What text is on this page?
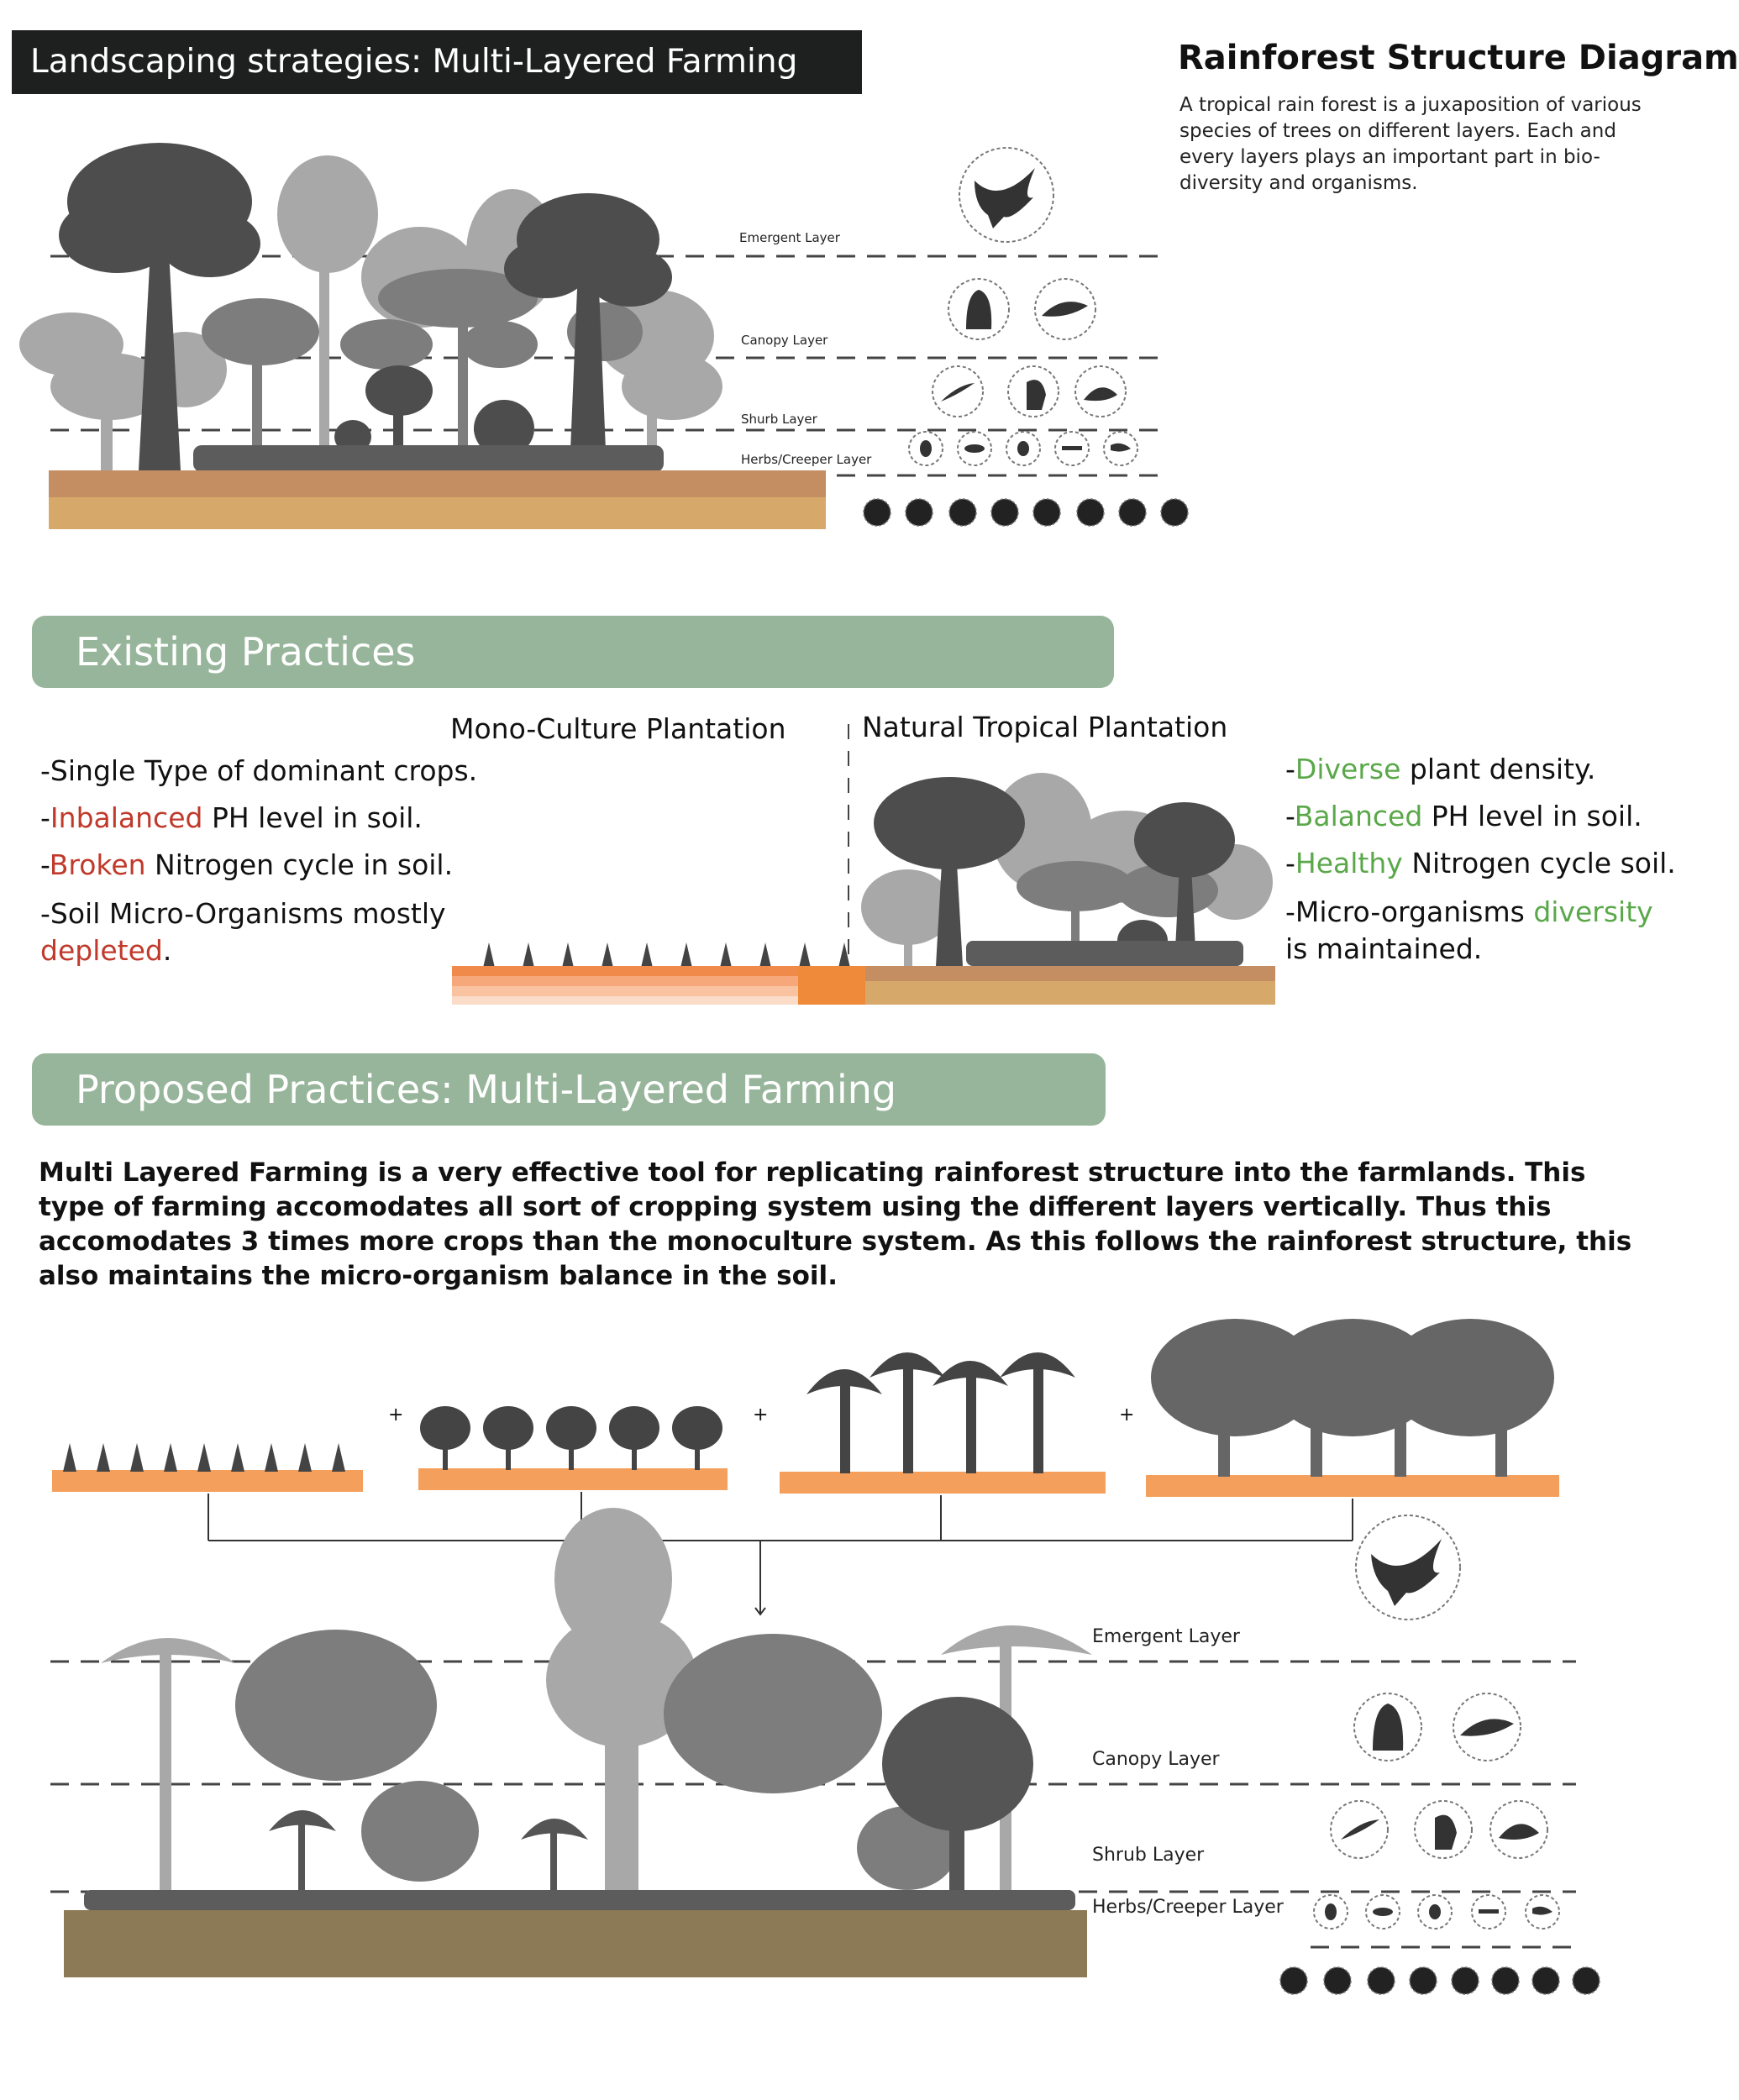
Landscaping strategies: Multi-Layered Farming	Rainforest Structure Diagram
A tropical rain forest is a juxaposition of various species of trees on different layers. Each and every layers plays an important part in bio-diversity and organisms.
Emergent Layer
Canopy Layer
Shurb Layer
Herbs/Creeper Layer
Existing Practices
Mono-Culture Plantation	Natural Tropical Plantation
-Single Type of dominant crops.
-Inbalanced PH level in soil.
-Broken Nitrogen cycle in soil.
-Soil Micro-Organisms mostly depleted.
-Diverse plant density.
-Balanced PH level in soil.
-Healthy Nitrogen cycle soil.
-Micro-organisms diversity is maintained.
Proposed Practices: Multi-Layered Farming
Multi Layered Farming is a very effective tool for replicating rainforest structure into the farmlands. This type of farming accomodates all sort of cropping system using the different layers vertically. Thus this accomodates 3 times more crops than the monoculture system. As this follows the rainforest structure, this also maintains the micro-organism balance in the soil.
+	+	+
Emergent Layer
Canopy Layer
Shrub Layer
Herbs/Creeper Layer
